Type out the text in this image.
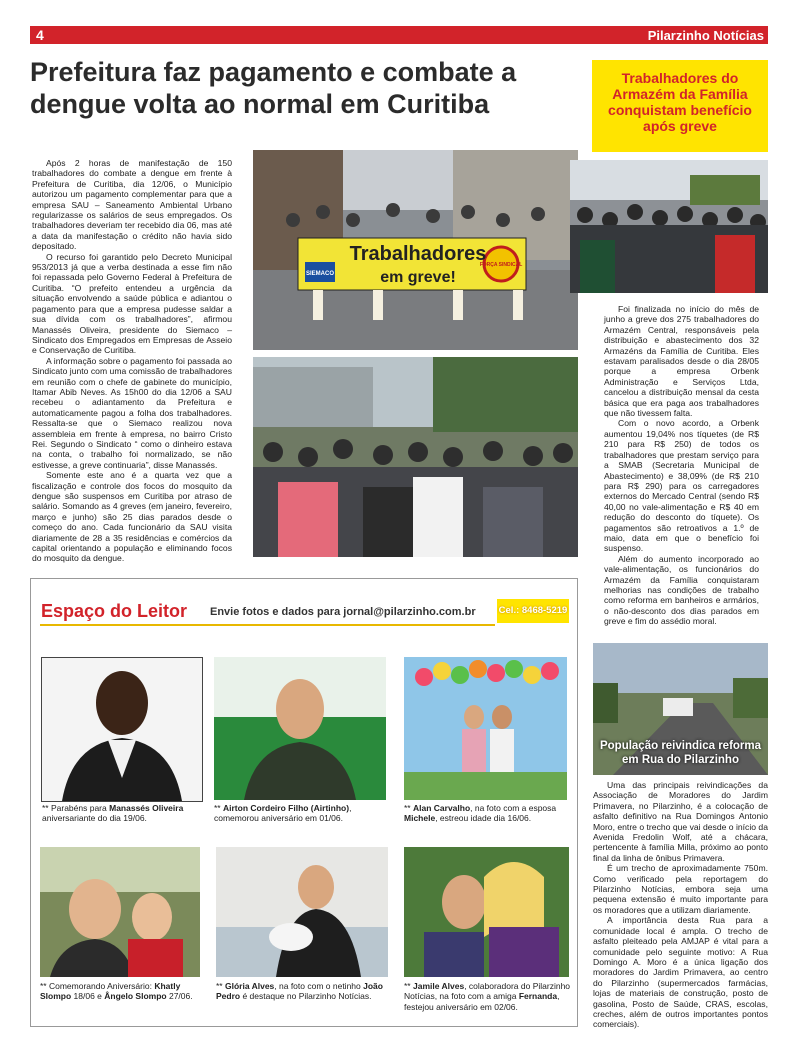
4	Pilarzinho Notícias
Prefeitura faz pagamento e combate a dengue volta ao normal em Curitiba

Após 2 horas de manifestação de 150 trabalhadores do combate a dengue em frente à Prefeitura de Curitiba, dia 12/06, o Município autorizou um pagamento complementar para que a empresa SAU – Saneamento Ambiental Urbano regularizasse os salários de seus empregados. Os trabalhadores deveriam ter recebido dia 06, mas até a data da manifestação o crédito não havia sido depositado.

O recurso foi garantido pelo Decreto Municipal 953/2013 já que a verba destinada a esse fim não foi repassada pelo Governo Federal à Prefeitura de Curitiba. “O prefeito entendeu a urgência da situação envolvendo a saúde pública e adiantou o pagamento para que a empresa pudesse saldar a sua dívida com os trabalhadores”, afirmou Manassés Oliveira, presidente do Siemaco – Sindicato dos Empregados em Empresas de Asseio e Conservação de Curitiba.

A informação sobre o pagamento foi passada ao Sindicato junto com uma comissão de trabalhadores em reunião com o chefe de gabinete do município, Itamar Abib Neves. As 15h00 do dia 12/06 a SAU recebeu o adiantamento da Prefeitura e automaticamente pagou a folha dos trabalhadores. Ressalta-se que o Siemaco realizou nova assembleia em frente à empresa, no bairro Cristo Rei. Segundo o Sindicato “ como o dinheiro estava na conta, o trabalho foi normalizado, se não estivesse, a greve continuaria”, disse Manassés.

Somente este ano é a quarta vez que a fiscalização e controle dos focos do mosquito da dengue são suspensos em Curitiba por atraso de salário. Somando as 4 greves (em janeiro, fevereiro, março e junho) são 25 dias parados desde o começo do ano. Cada funcionário da SAU visita diariamente de 28 a 35 residências e comércios da capital orientando a população e eliminando focos do mosquito da dengue.

Trabalhadores
em greve!
SIEMACO
FORÇA SINDICAL
Trabalhadores do Armazém da Família conquistam benefício após greve

Foi finalizada no início do mês de junho a greve dos 275 trabalhadores do Armazém Central, responsáveis pela distribuição e abastecimento dos 32 Armazéns da Família de Curitiba. Eles estavam paralisados desde o dia 28/05 porque a empresa Orbenk Administração e Serviços Ltda, cancelou a distribuição mensal da cesta básica que era paga aos trabalhadores que não tivessem falta.

Com o novo acordo, a Orbenk aumentou 19,04% nos tíquetes (de R$ 210 para R$ 250) de todos os trabalhadores que prestam serviço para a SMAB (Secretaria Municipal de Abastecimento) e 38,09% (de R$ 210 para R$ 290) para os carregadores externos do Mercado Central (sendo R$ 40,00 no vale-alimentação e R$ 40 em redução do desconto do tíquete). Os pagamentos são retroativos a 1.º de maio, data em que o benefício foi suspenso.

Além do aumento incorporado ao vale-alimentação, os funcionários do Armazém da Família conquistaram melhorias nas condições de trabalho como reforma em banheiros e armários, o não-desconto dos dias parados em greve e fim do assédio moral.

População reivindica reforma em Rua do Pilarzinho

Uma das principais reivindicações da Associação de Moradores do Jardim Primavera, no Pilarzinho, é a colocação de asfalto definitivo na Rua Domingos Antonio Moro, entre o trecho que vai desde o início da Avenida Fredolin Wolf, até a chácara, pertencente à família Milla, próximo ao ponto final da linha de ônibus Primavera.

É um trecho de aproximadamente 750m. Como verificado pela reportagem do Pilarzinho Notícias, embora seja uma pequena extensão é muito importante para os moradores que a utilizam diariamente.

A importância desta Rua para a comunidade local é ampla. O trecho de asfalto pleiteado pela AMJAP é vital para a comunidade pelo seguinte motivo: A Rua Domingo A. Moro é a única ligação dos moradores do Jardim Primavera, ao centro do Pilarzinho (supermercados farmácias, lojas de materiais de construção, posto de gasolina, Posto de Saúde, CRAS, escolas, creches, além de outros importantes pontos comerciais).

Espaço do Leitor Envie fotos e dados para jornal@pilarzinho.com.br Cel.: 8468-5219
** Parabéns para Manassés Oliveira aniversariante do dia 19/06.
** Airton Cordeiro Filho (Airtinho), comemorou aniversário em 01/06.
** Alan Carvalho, na foto com a esposa Michele, estreou idade dia 16/06.
** Comemorando Aniversário: Khatly Slompo 18/06 e Ângelo Slompo 27/06.
** Glória Alves, na foto com o netinho João Pedro é destaque no Pilarzinho Notícias.
** Jamile Alves, colaboradora do Pilarzinho Notícias, na foto com a amiga Fernanda, festejou aniversário em 02/06.
